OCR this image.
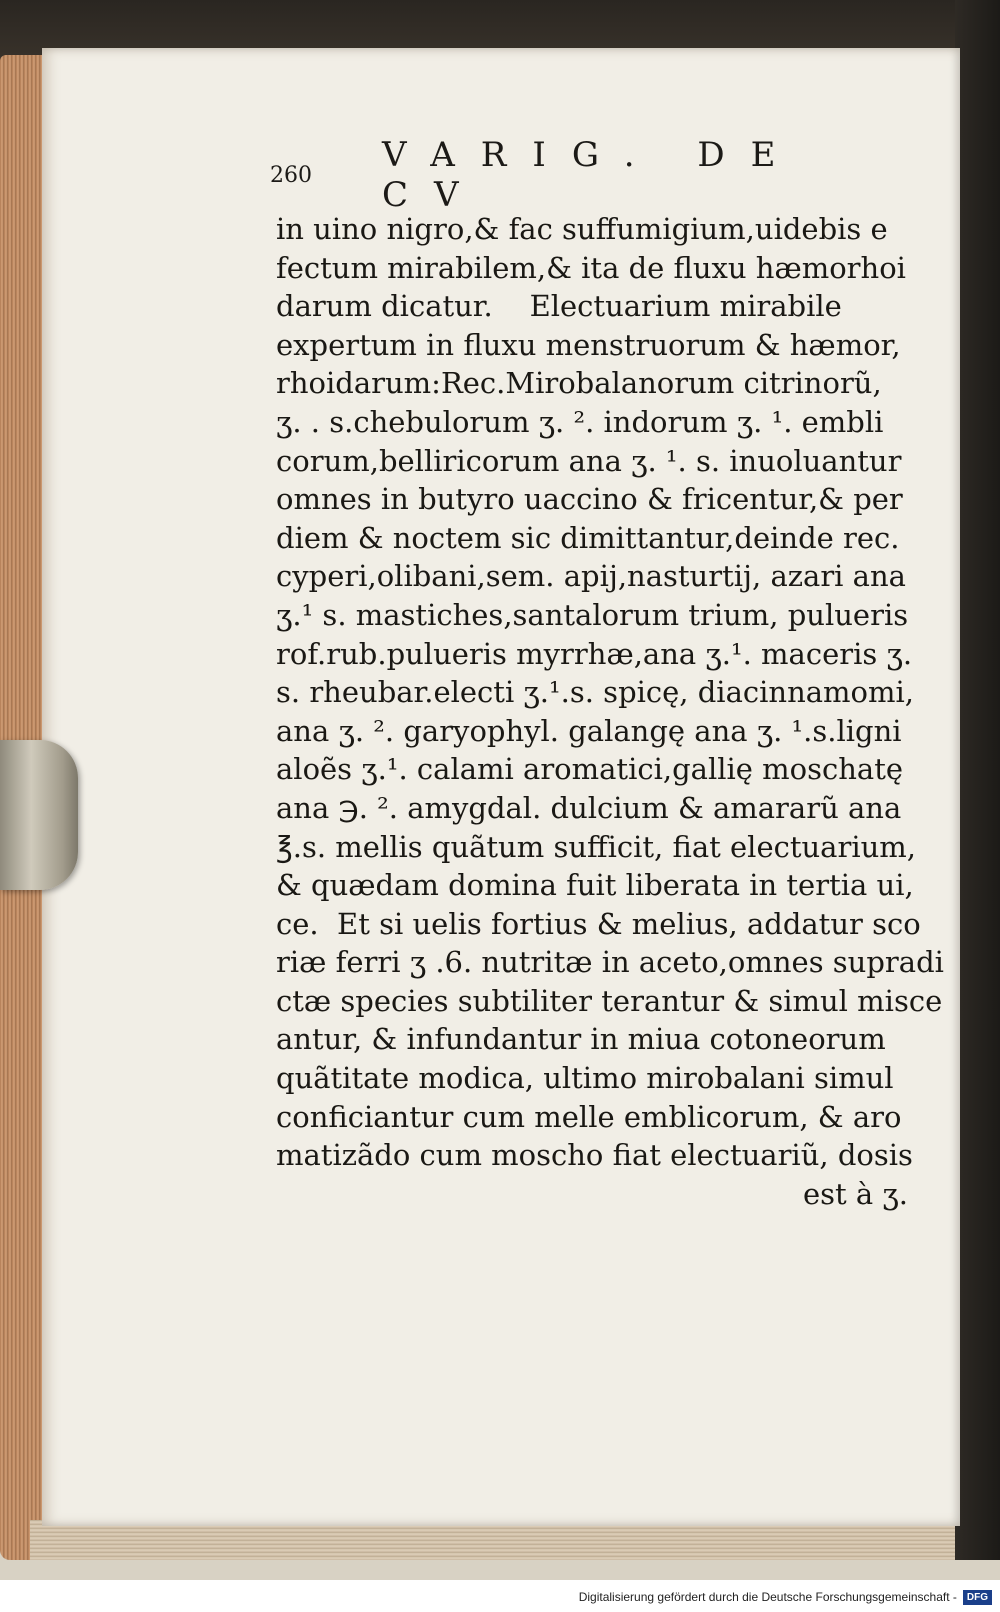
260 VARIG. DE CV
in uino nigro,& fac suffumigium,uidebis e
fectum mirabilem,& ita de fluxu hæmorhoi
darum dicatur.    Electuarium mirabile
expertum in fluxu menstruorum & hæmor,
rhoidarum:Rec.Mirobalanorum citrinorũ,
ʒ. . s.chebulorum ʒ. ². indorum ʒ. ¹. embli
corum,belliricorum ana ʒ. ¹. s. inuoluantur
omnes in butyro uaccino & fricentur,& per
diem & noctem sic dimittantur,deinde rec.
cyperi,olibani,sem. apij,nasturtij, azari ana
ʒ.¹ s. mastiches,santalorum trium, pulueris
rof.rub.pulueris myrrhæ,ana ʒ.¹. maceris ʒ.
s. rheubar.electi ʒ.¹.s. spicę, diacinnamomi,
ana ʒ. ². garyophyl. galangę ana ʒ. ¹.s.ligni
aloẽs ʒ.¹. calami aromatici,gallię moschatę
ana ℈. ². amygdal. dulcium & amararũ ana
℥.s. mellis quãtum sufficit, fiat electuarium,
& quædam domina fuit liberata in tertia ui,
ce.  Et si uelis fortius & melius, addatur sco
riæ ferri ʒ .6. nutritæ in aceto,omnes supradi
ctæ species subtiliter terantur & simul misce
antur, & infundantur in miua cotoneorum
quãtitate modica, ultimo mirobalani simul
conficiantur cum melle emblicorum, & aro
matizãdo cum moscho fiat electuariũ, dosis
est à ʒ.
Digitalisierung gefördert durch die Deutsche Forschungsgemeinschaft -	DFG
